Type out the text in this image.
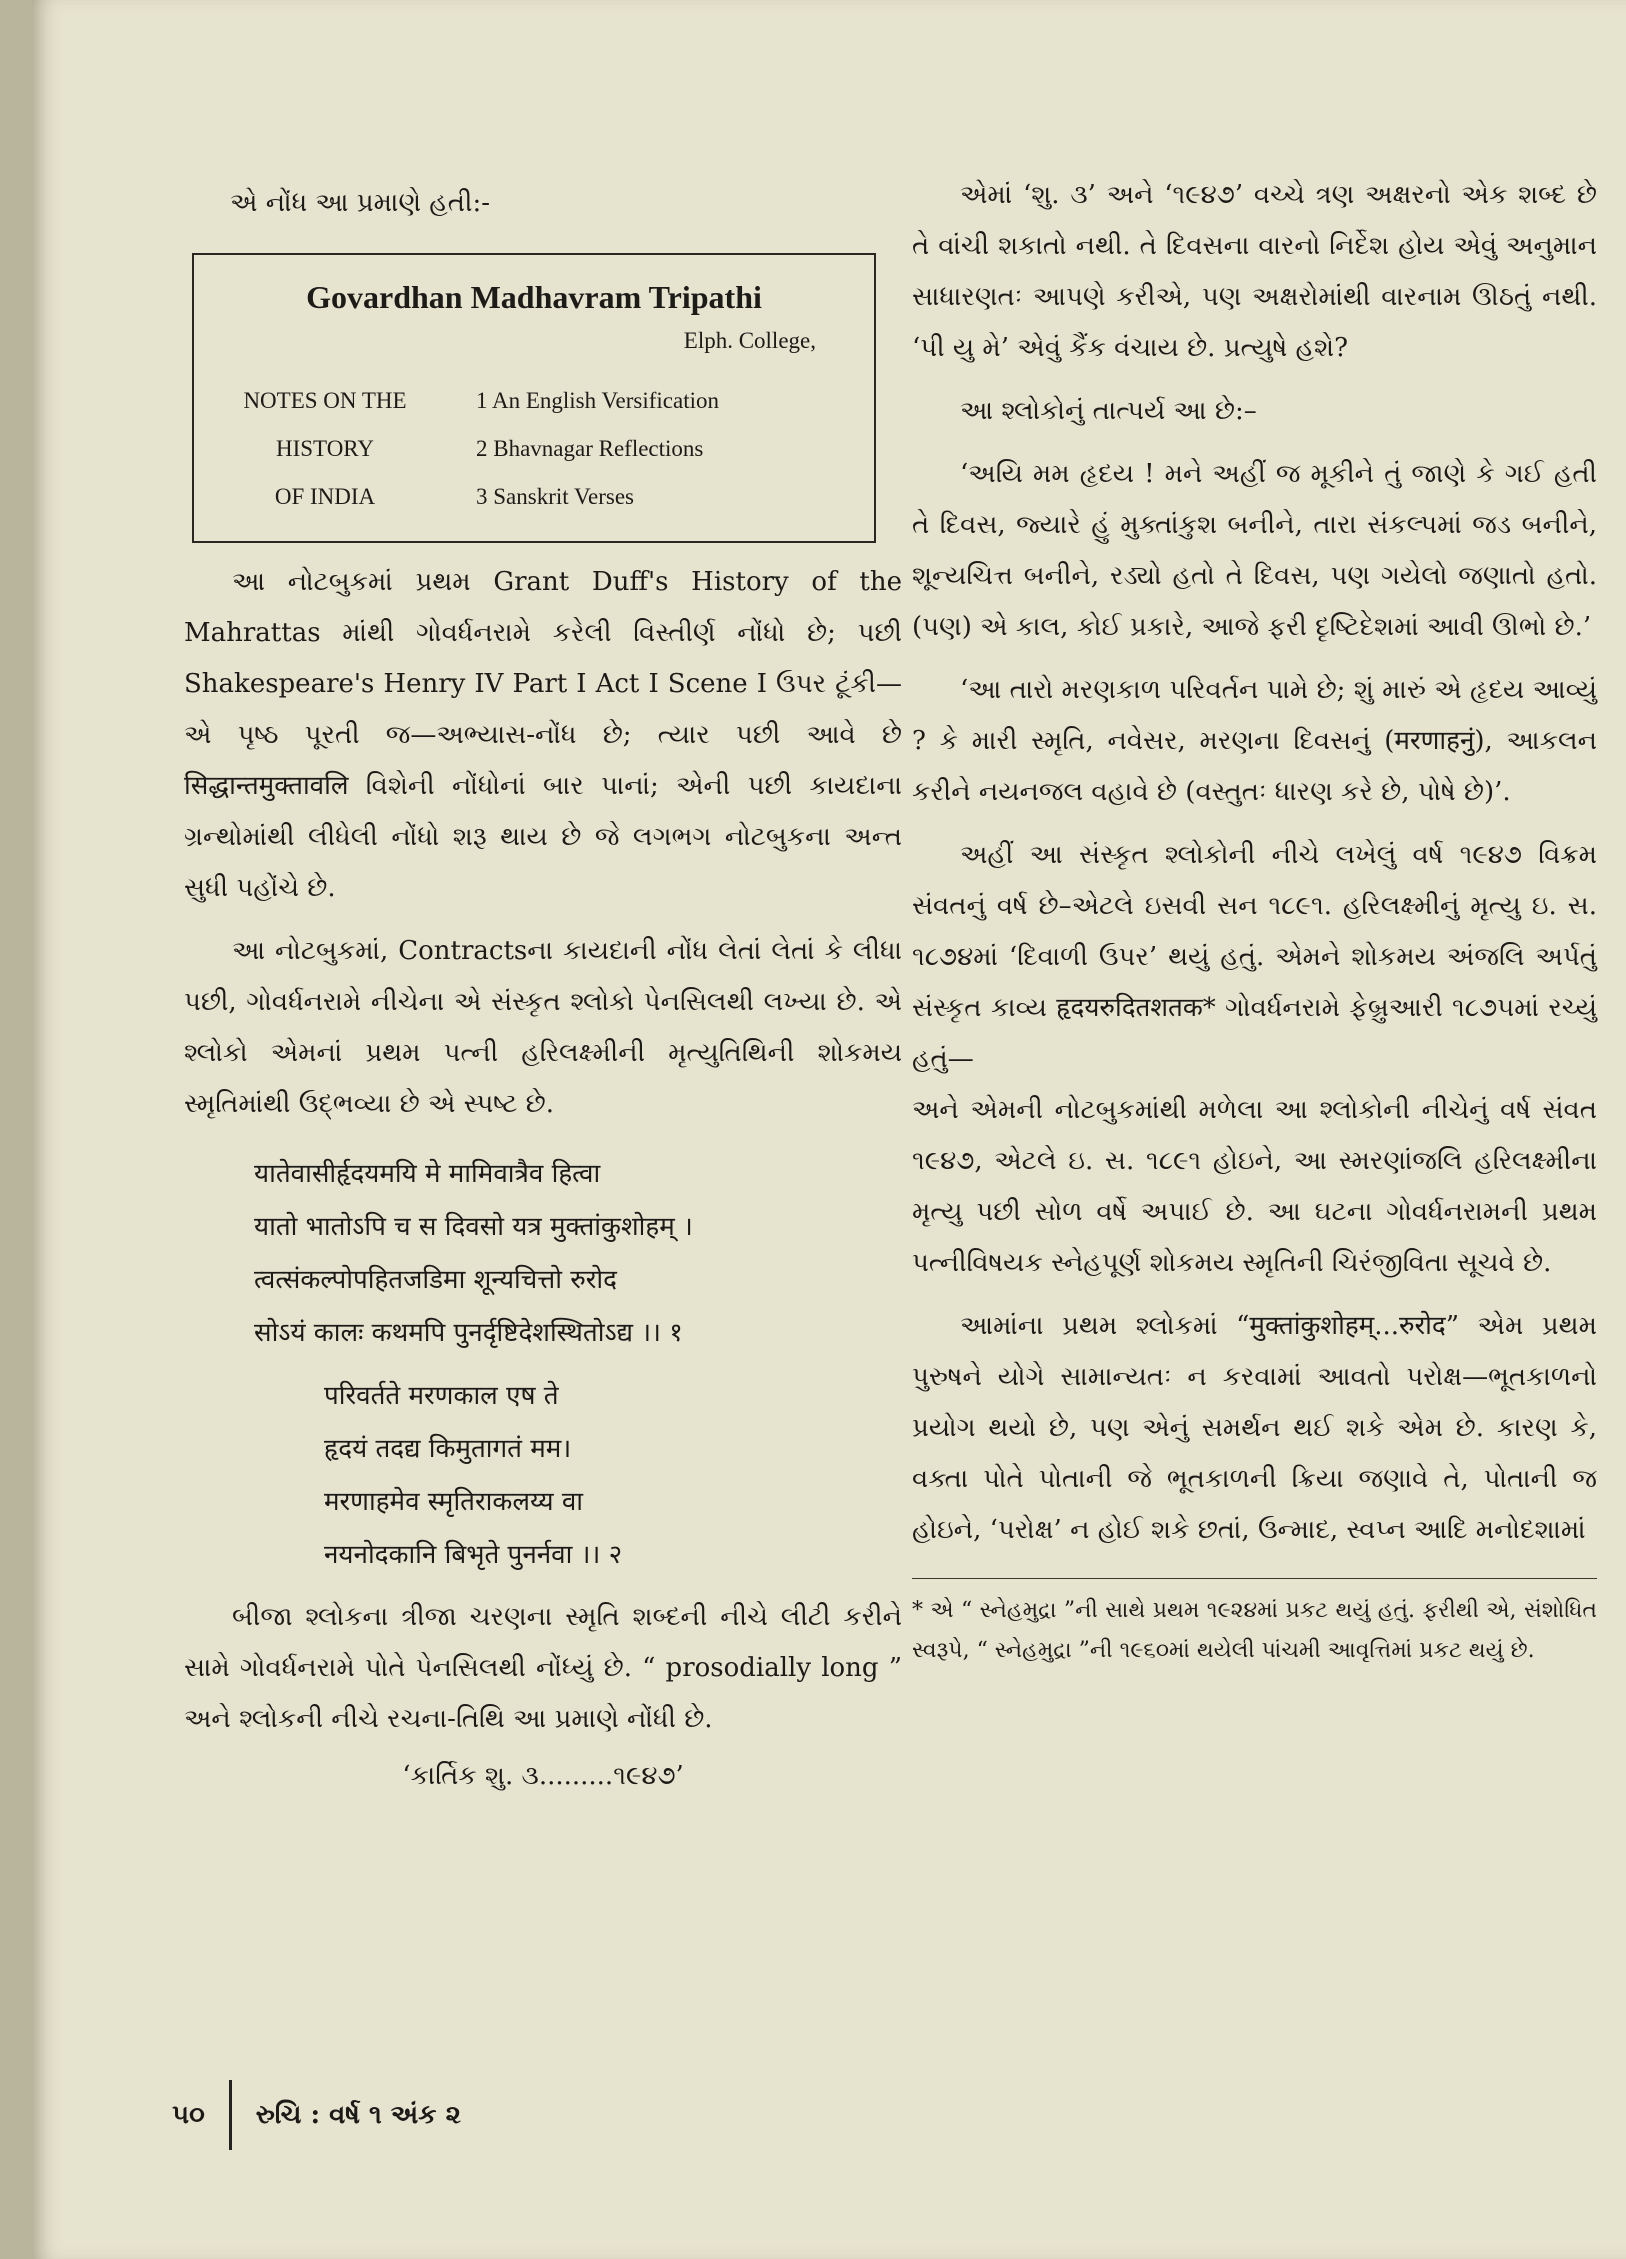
એ નોંધ આ પ્રમાણે હતી:-

Govardhan Madhavram Tripathi
Elph. College,
NOTES ON THE
HISTORY
OF INDIA
1 An English Versification
2 Bhavnagar Reflections
3 Sanskrit Verses

આ નોટબુકમાં પ્રથમ Grant Duff's History of the Mahrattas માંથી ગોવર્ધનરામે કરેલી વિસ્તીર્ણ નોંધો છે; પછી Shakespeare's Henry IV Part I Act I Scene I ઉપર ટૂંકી—એ પૃષ્ઠ પૂરતી જ—અભ્યાસ-નોંધ છે; ત્યાર પછી આવે છે सिद्धान्तमुक्तावलि વિશેની નોંધોનાં બાર પાનાં; એની પછી કાયદાના ગ્રન્થોમાંથી લીધેલી નોંધો શરૂ થાય છે જે લગભગ નોટબુકના અન્ત સુધી પહોંચે છે.

આ નોટબુકમાં, Contractsના કાયદાની નોંધ લેતાં લેતાં કે લીધા પછી, ગોવર્ધનરામે નીચેના એ સંસ્કૃત શ્લોકો પેનસિલથી લખ્યા છે. એ શ્લોકો એમનાં પ્રથમ પત્ની હરિલક્ષ્મીની મૃત્યુતિથિની શોકમય સ્મૃતિમાંથી ઉદ્ભવ્યા છે એ સ્પષ્ટ છે.

यातेवासीर्हृदयमयि मे मामिवात्रैव हित्वा
यातो भातोऽपि च स दिवसो यत्र मुक्तांकुशोहम् ।
त्वत्संकल्पोपहितजडिमा शून्यचित्तो रुरोद
सोऽयं कालः कथमपि पुनर्दृष्टिदेशस्थितोऽद्य ।। १
परिवर्तते मरणकाल एष ते
हृदयं तदद्य किमुतागतं मम।
मरणाहमेव स्मृतिराकलय्य वा
नयनोदकानि बिभृते पुनर्नवा ।। २

બીજા શ્લોકના ત્રીજા ચરણના સ્મૃતિ શબ્દની નીચે લીટી કરીને સામે ગોવર્ધનરામે પોતે પેનસિલથી નોંધ્યું છે. “ prosodially long ” અને શ્લોકની નીચે રચના-તિથિ આ પ્રમાણે નોંધી છે.

‘કાર્તિક શુ. ૩.........૧૯૪૭’

એમાં ‘શુ. ૩’ અને ‘૧૯૪૭’ વચ્ચે ત્રણ અક્ષરનો એક શબ્દ છે તે વાંચી શકાતો નથી. તે દિવસના વારનો નિર્દેશ હોય એવું અનુમાન સાધારણતઃ આપણે કરીએ, પણ અક્ષરોમાંથી વારનામ ઊઠતું નથી. ‘પી યુ મે’ એવું કૈંક વંચાય છે. પ્રત્યુષે હશે?

આ શ્લોકોનું તાત્પર્ય આ છે:–

‘અયિ મમ હૃદય ! મને અહીં જ મૂકીને તું જાણે કે ગઈ હતી તે દિવસ, જ્યારે હું મુક્તાંકુશ બનીને, તારા સંકલ્પમાં જડ બનીને, શૂન્યચિત્ત બનીને, રડ્યો હતો તે દિવસ, પણ ગયેલો જણાતો હતો. (પણ) એ કાલ, કોઈ પ્રકારે, આજે ફરી દૃષ્ટિદેશમાં આવી ઊભો છે.’

‘આ તારો મરણકાળ પરિવર્તન પામે છે; શું મારું એ હૃદય આવ્યું ? કે મારી સ્મૃતિ, નવેસર, મરણના દિવસનું (मरणाहनुं), આકલન કરીને નયનજલ વહાવે છે (વસ્તુતઃ ધારણ કરે છે, પોષે છે)’.

અહીં આ સંસ્કૃત શ્લોકોની નીચે લખેલું વર્ષ ૧૯૪૭ વિક્રમ સંવતનું વર્ષ છે–એટલે ઇસવી સન ૧૮૯૧. હરિલક્ષ્મીનું મૃત્યુ ઇ. સ. ૧૮૭૪માં ‘દિવાળી ઉપર’ થયું હતું. એમને શોકમય અંજલિ અર્પતું સંસ્કૃત કાવ્ય हृदयरुदितशतक* ગોવર્ધનરામે ફેબ્રુઆરી ૧૮૭૫માં રચ્યું હતું—

અને એમની નોટબુકમાંથી મળેલા આ શ્લોકોની નીચેનું વર્ષ સંવત ૧૯૪૭, એટલે ઇ. સ. ૧૮૯૧ હોઇને, આ સ્મરણાંજલિ હરિલક્ષ્મીના મૃત્યુ પછી સોળ વર્ષે અપાઈ છે. આ ઘટના ગોવર્ધનરામની પ્રથમ પત્નીવિષયક સ્નેહપૂર્ણ શોકમય સ્મૃતિની ચિરંજીવિતા સૂચવે છે.

આમાંના પ્રથમ શ્લોકમાં “मुक्तांकुशोहम्...रुरोद” એમ પ્રથમ પુરુષને યોગે સામાન્યતઃ ન કરવામાં આવતો પરોક્ષ—ભૂતકાળનો પ્રયોગ થયો છે, પણ એનું સમર્થન થઈ શકે એમ છે. કારણ કે, વક્તા પોતે પોતાની જે ભૂતકાળની ક્રિયા જણાવે તે, પોતાની જ હોઇને, ‘પરોક્ષ’ ન હોઈ શકે છતાં, ઉન્માદ, સ્વપ્ન આદિ મનોદશામાં

* એ “ સ્નેહમુદ્રા ”ની સાથે પ્રથમ ૧૯૨૪માં પ્રકટ થયું હતું. ફરીથી એ, સંશોધિત સ્વરૂપે, “ સ્નેહમુદ્રા ”ની ૧૯૬૦માં થયેલી પાંચમી આવૃત્તિમાં પ્રકટ થયું છે.

૫૦ રુચિ : વર્ષ ૧ અંક ૨
